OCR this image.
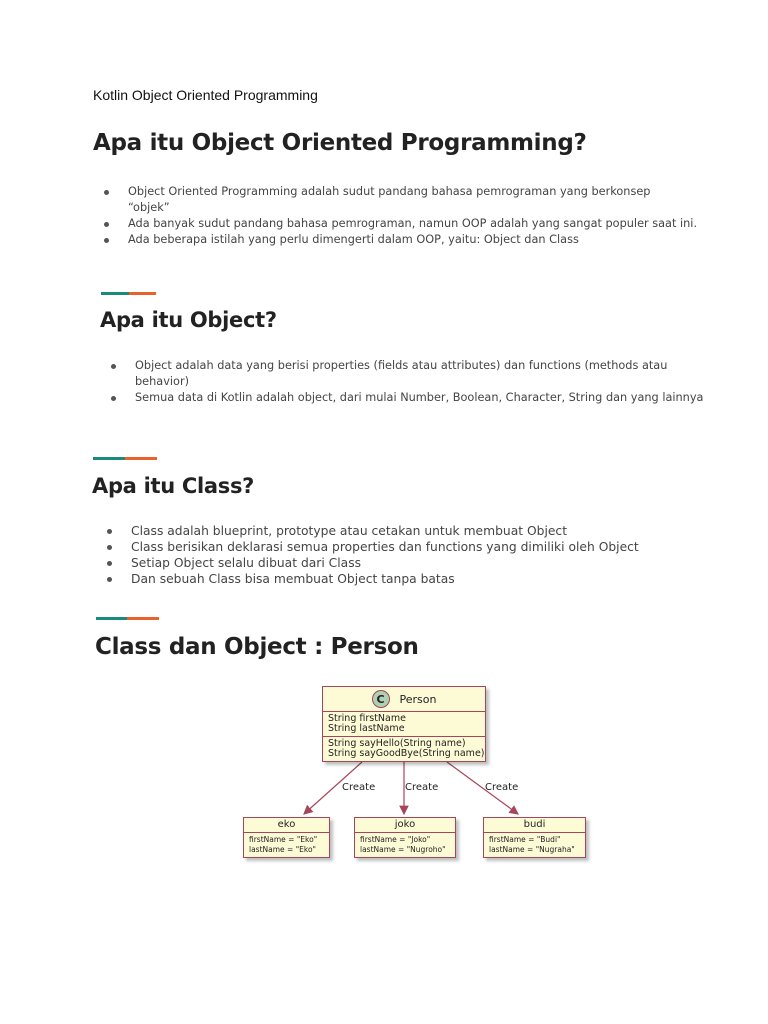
Kotlin Object Oriented Programming
Apa itu Object Oriented Programming?
Object Oriented Programming adalah sudut pandang bahasa pemrograman yang berkonsep
“objek”
Ada banyak sudut pandang bahasa pemrograman, namun OOP adalah yang sangat populer saat ini.
Ada beberapa istilah yang perlu dimengerti dalam OOP, yaitu: Object dan Class
Apa itu Object?
Object adalah data yang berisi properties (fields atau attributes) dan functions (methods atau
behavior)
Semua data di Kotlin adalah object, dari mulai Number, Boolean, Character, String dan yang lainnya
Apa itu Class?
Class adalah blueprint, prototype atau cetakan untuk membuat Object
Class berisikan deklarasi semua properties dan functions yang dimiliki oleh Object
Setiap Object selalu dibuat dari Class
Dan sebuah Class bisa membuat Object tanpa batas
Class dan Object : Person
C	Person
String firstName
String lastName
String sayHello(String name)
String sayGoodBye(String name)
Create	Create	Create
eko
firstName = "Eko"
lastName = "Eko"
joko
firstName = "Joko"
lastName = "Nugroho"
budi
firstName = "Budi"
lastName = "Nugraha"
